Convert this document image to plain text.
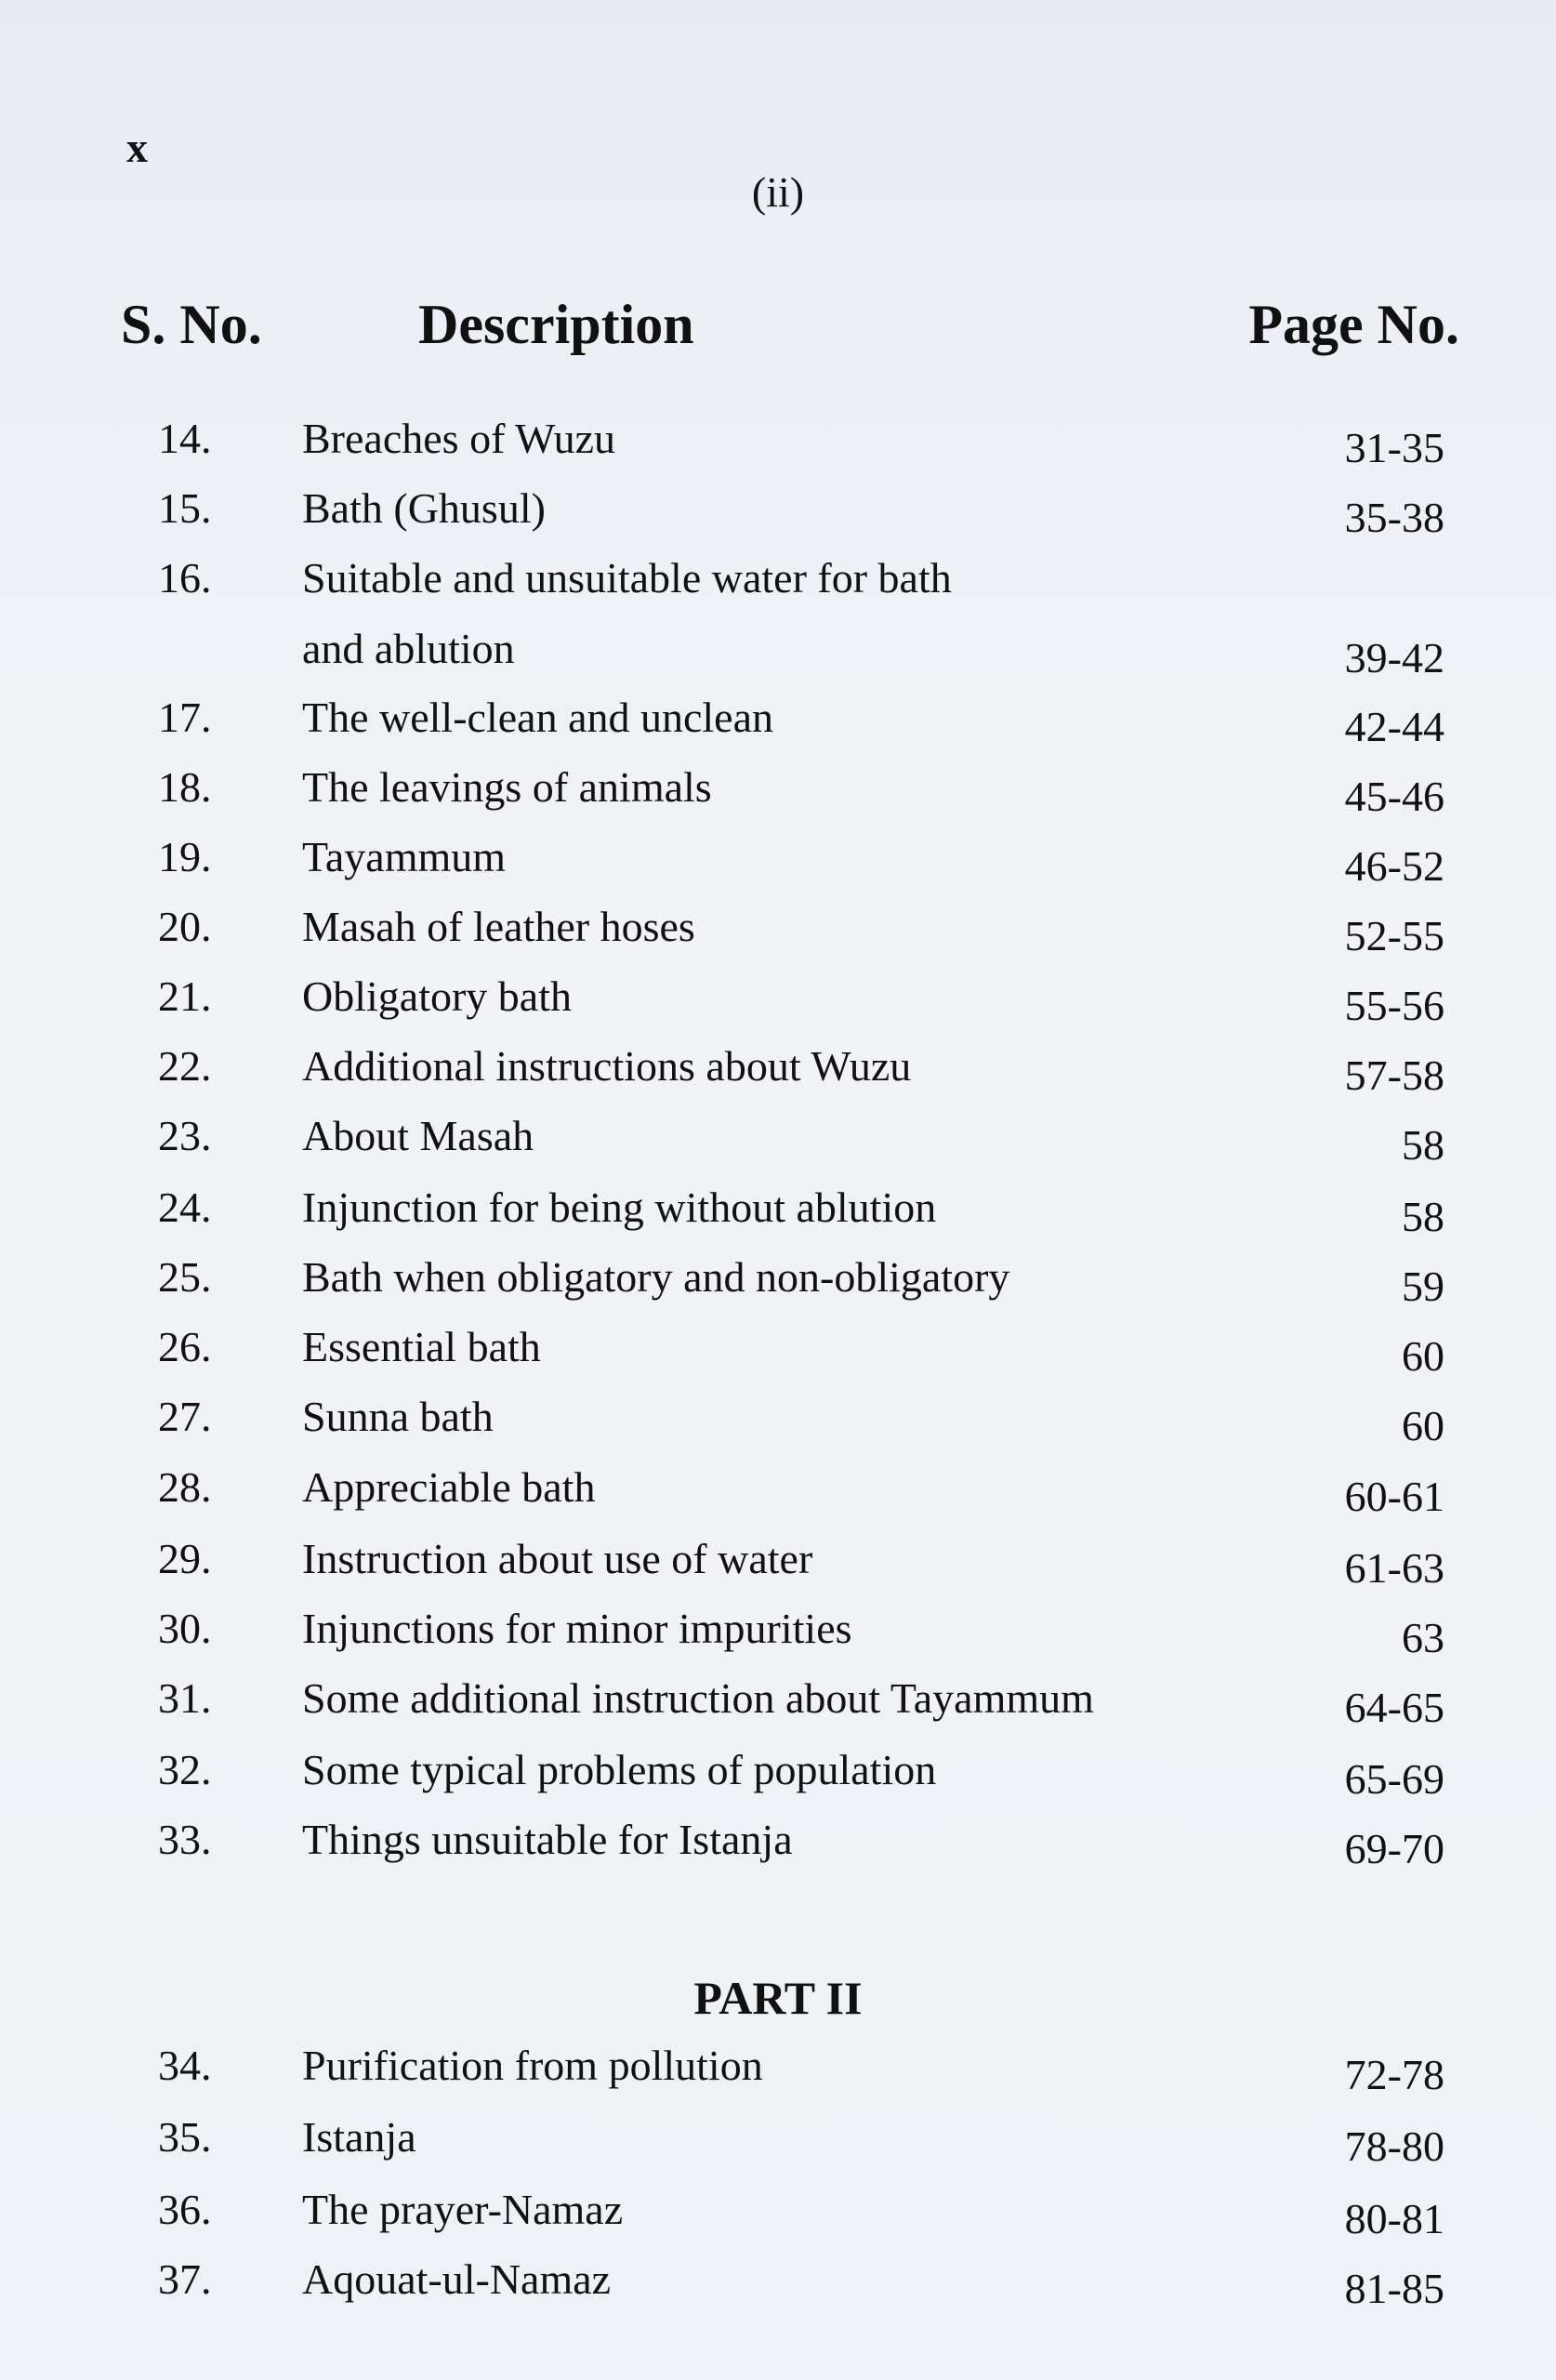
x
(ii)
S. No.	Description	Page No.
14. Breaches of Wuzu	31-35
15. Bath (Ghusul)	35-38
16. Suitable and unsuitable water for bath
and ablution	39-42
17. The well-clean and unclean	42-44
18. The leavings of animals	45-46
19. Tayammum	46-52
20. Masah of leather hoses	52-55
21. Obligatory bath	55-56
22. Additional instructions about Wuzu	57-58
23. About Masah	58
24. Injunction for being without ablution	58
25. Bath when obligatory and non-obligatory	59
26. Essential bath	60
27. Sunna bath	60
28. Appreciable bath	60-61
29. Instruction about use of water	61-63
30. Injunctions for minor impurities	63
31. Some additional instruction about Tayammum	64-65
32. Some typical problems of population	65-69
33. Things unsuitable for Istanja	69-70
34. Purification from pollution	72-78
35. Istanja	78-80
36. The prayer-Namaz	80-81
37. Aqouat-ul-Namaz	81-85
PART II
